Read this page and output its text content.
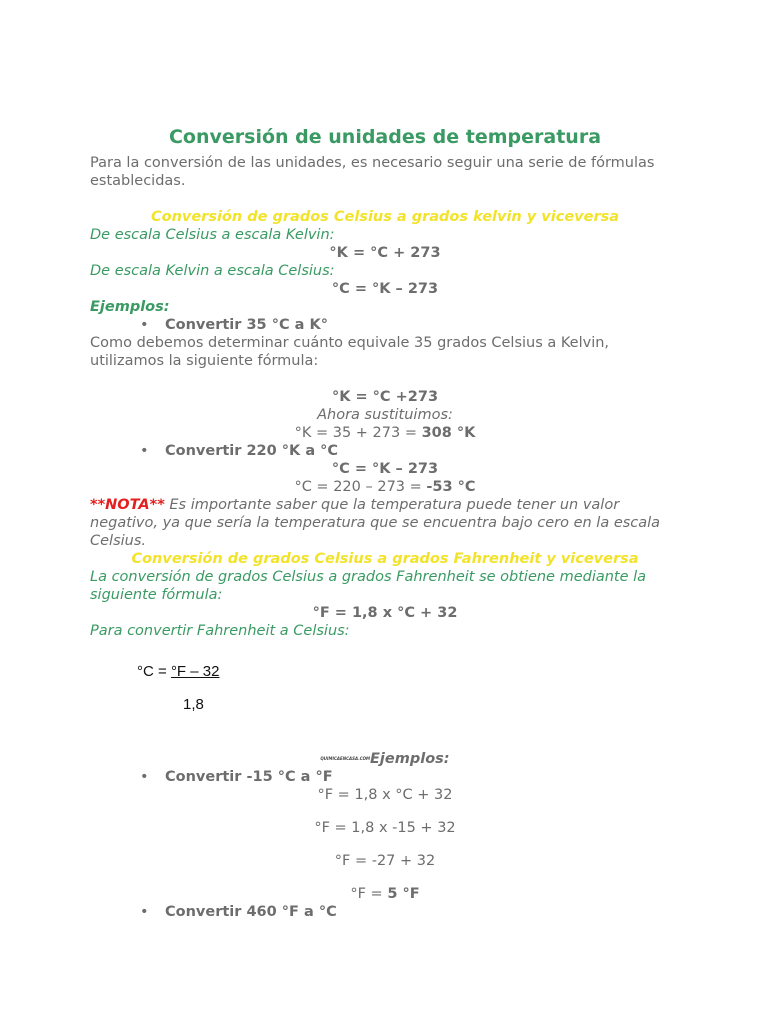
Conversión de unidades de temperatura

Para la conversión de las unidades, es necesario seguir una serie de fórmulas establecidas.

Conversión de grados Celsius a grados kelvin y viceversa

De escala Celsius a escala Kelvin:

°K = °C + 273

De escala Kelvin a escala Celsius:

°C = °K – 273

Ejemplos:

• Convertir 35 °C a K°

Como debemos determinar cuánto equivale 35 grados Celsius a Kelvin, utilizamos la siguiente fórmula:

°K = °C +273

Ahora sustituimos:

°K = 35 + 273 = 308 °K

• Convertir 220 °K a °C

°C = °K – 273

°C = 220 – 273 = -53 °C

**NOTA** Es importante saber que la temperatura puede tener un valor negativo, ya que sería la temperatura que se encuentra bajo cero en la escala Celsius.

Conversión de grados Celsius a grados Fahrenheit y viceversa

La conversión de grados Celsius a grados Fahrenheit se obtiene mediante la siguiente fórmula:

°F = 1,8 x °C + 32

Para convertir Fahrenheit a Celsius:

°C = °F – 32
1,8

QUIMICAENCASA.COMEjemplos:

• Convertir -15 °C a °F

°F = 1,8 x °C + 32

°F = 1,8 x -15 + 32

°F = -27 + 32

°F = 5 °F

• Convertir 460 °F a °C
